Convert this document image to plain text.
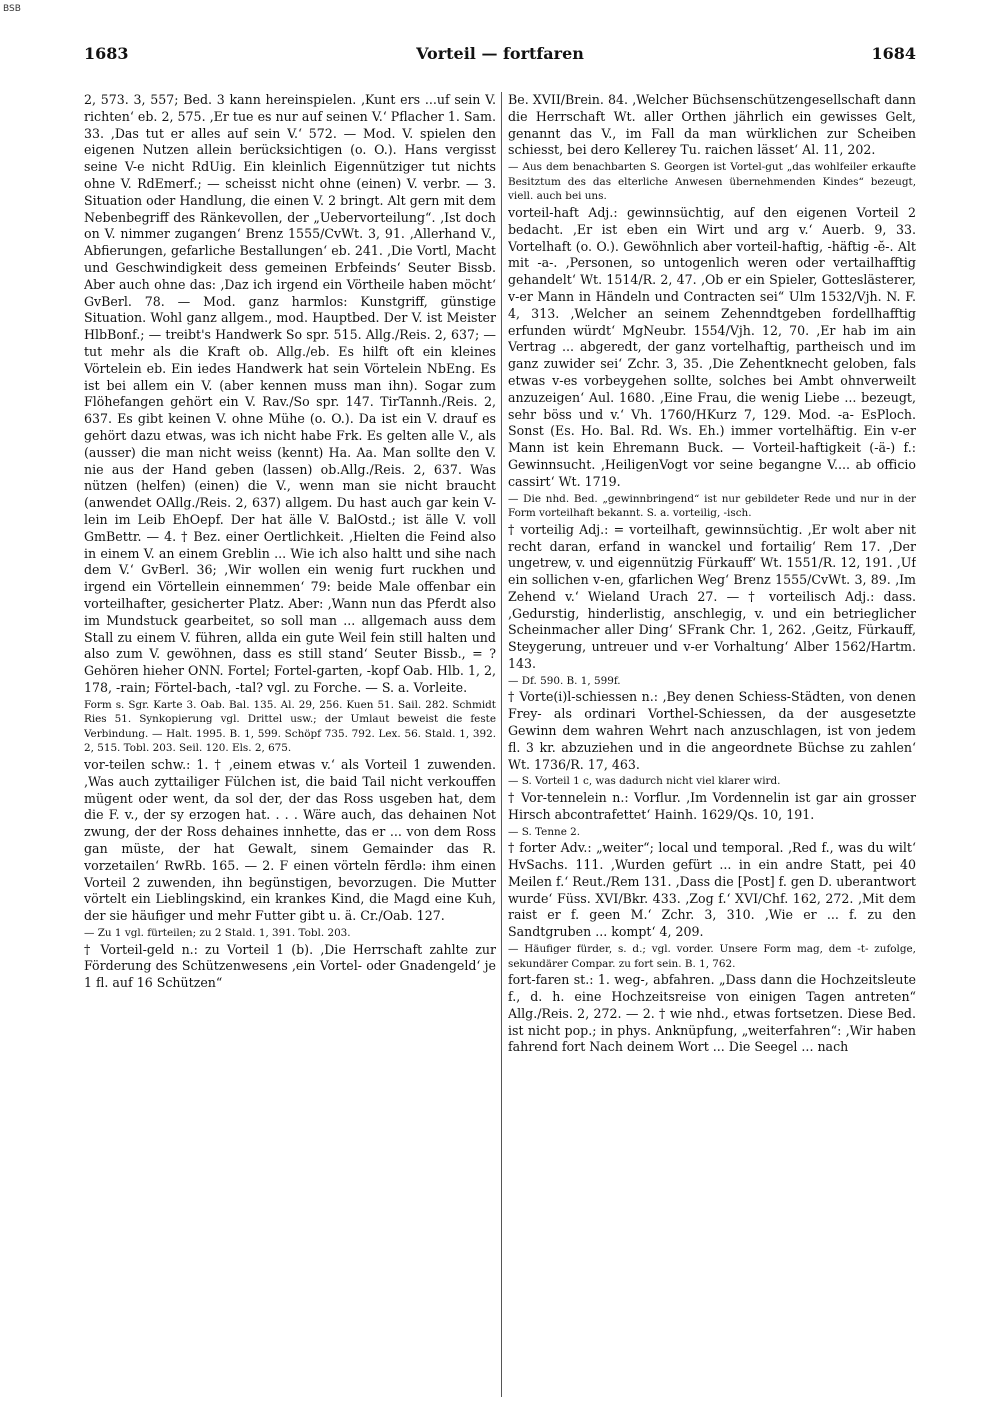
BSB
1683	Vorteil — fortfaren	1684

2, 573. 3, 557; Bed. 3 kann hereinspielen. ‚Kunt ers ...uf sein V. richten‘ eb. 2, 575. ‚Er tue es nur auf seinen V.‘ Pflacher 1. Sam. 33. ‚Das tut er alles auf sein V.‘ 572. — Mod. V. spielen den eigenen Nutzen allein berücksichtigen (o. O.). Hans vergisst seine V-e nicht RdUig. Ein kleinlich Eigennütziger tut nichts ohne V. RdEmerf.; — scheisst nicht ohne (einen) V. verbr. — 3. Situation oder Handlung, die einen V. 2 bringt. Alt gern mit dem Nebenbegriff des Ränkevollen, der „Uebervorteilung“. ‚Ist doch on V. nimmer zugangen‘ Brenz 1555/CvWt. 3, 91. ‚Allerhand V., Abfierungen, gefarliche Bestallungen‘ eb. 241. ‚Die Vortl, Macht und Geschwindigkeit dess gemeinen Erbfeinds‘ Seuter Bissb. Aber auch ohne das: ‚Daz ich irgend ein Vörtheile haben möcht‘ GvBerl. 78. — Mod. ganz harmlos: Kunstgriff, günstige Situation. Wohl ganz allgem., mod. Hauptbed. Der V. ist Meister HlbBonf.; — treibt's Handwerk So spr. 515. Allg./Reis. 2, 637; — tut mehr als die Kraft ob. Allg./eb. Es hilft oft ein kleines Vörtelein eb. Ein iedes Handwerk hat sein Vörtelein NbEng. Es ist bei allem ein V. (aber kennen muss man ihn). Sogar zum Flöhefangen gehört ein V. Rav./So spr. 147. TirTannh./Reis. 2, 637. Es gibt keinen V. ohne Mühe (o. O.). Da ist ein V. drauf es gehört dazu etwas, was ich nicht habe Frk. Es gelten alle V., als (ausser) die man nicht weiss (kennt) Ha. Aa. Man sollte den V. nie aus der Hand geben (lassen) ob.Allg./Reis. 2, 637. Was nützen (helfen) (einen) die V., wenn man sie nicht braucht (anwendet OAllg./Reis. 2, 637) allgem. Du hast auch gar kein V-lein im Leib EhOepf. Der hat älle V. BalOstd.; ist älle V. voll GmBettr. — 4. † Bez. einer Oertlichkeit. ‚Hielten die Feind also in einem V. an einem Greblin ... Wie ich also haltt und sihe nach dem V.‘ GvBerl. 36; ‚Wir wollen ein wenig furt ruckhen und irgend ein Vörtellein einnemmen‘ 79: beide Male offenbar ein vorteilhafter, gesicherter Platz. Aber: ‚Wann nun das Pferdt also im Mundstuck gearbeitet, so soll man ... allgemach auss dem Stall zu einem V. führen, allda ein gute Weil fein still halten und also zum V. gewöhnen, dass es still stand‘ Seuter Bissb., = ? Gehören hieher ONN. Fortel; Fortel-garten, -kopf Oab. Hlb. 1, 2, 178, -rain; Förtel-bach, -tal? vgl. zu Forche. — S. a. Vorleite.

Form s. Sgr. Karte 3. Oab. Bal. 135. Al. 29, 256. Kuen 51. Sail. 282. Schmidt Ries 51. Synkopierung vgl. Drittel usw.; der Umlaut beweist die feste Verbindung. — Halt. 1995. B. 1, 599. Schöpf 735. 792. Lex. 56. Stald. 1, 392. 2, 515. Tobl. 203. Seil. 120. Els. 2, 675.

vor-teilen schw.: 1. † ‚einem etwas v.‘ als Vorteil 1 zuwenden. ‚Was auch zyttailiger Fülchen ist, die baid Tail nicht verkouffen mügent oder went, da sol der, der das Ross usgeben hat, dem die F. v., der sy erzogen hat. . . . Wäre auch, das dehainen Not zwung, der der Ross dehaines innhette, das er ... von dem Ross gan müste, der hat Gewalt, sinem Gemainder das R. vorzetailen‘ RwRb. 165. — 2. F einen vörteln fērdlə: ihm einen Vorteil 2 zuwenden, ihn begünstigen, bevorzugen. Die Mutter vörtelt ein Lieblingskind, ein krankes Kind, die Magd eine Kuh, der sie häufiger und mehr Futter gibt u. ä. Cr./Oab. 127.

— Zu 1 vgl. fürteilen; zu 2 Stald. 1, 391. Tobl. 203.

† Vorteil-geld n.: zu Vorteil 1 (b). ‚Die Herrschaft zahlte zur Förderung des Schützenwesens ‚ein Vortel- oder Gnadengeld‘ je 1 fl. auf 16 Schützen“

Be. XVII/Brein. 84. ‚Welcher Büchsenschützengesellschaft dann die Herrschaft Wt. aller Orthen jährlich ein gewisses Gelt, genannt das V., im Fall da man würklichen zur Scheiben schiesst, bei dero Kellerey Tu. raichen lässet‘ Al. 11, 202.

— Aus dem benachbarten S. Georgen ist Vortel-gut „das wohlfeiler erkaufte Besitztum des das elterliche Anwesen übernehmenden Kindes“ bezeugt, viell. auch bei uns.

vorteil-haft Adj.: gewinnsüchtig, auf den eigenen Vorteil 2 bedacht. ‚Er ist eben ein Wirt und arg v.‘ Auerb. 9, 33. Vortelhaft (o. O.). Gewöhnlich aber vorteil-haftig, -häftig -ĕ-. Alt mit -a-. ‚Personen, so untogenlich weren oder vertailhafftig gehandelt‘ Wt. 1514/R. 2, 47. ‚Ob er ein Spieler, Gotteslästerer, v-er Mann in Händeln und Contracten sei“ Ulm 1532/Vjh. N. F. 4, 313. ‚Welcher an seinem Zehenndtgeben fordellhafftig erfunden würdt‘ MgNeubr. 1554/Vjh. 12, 70. ‚Er hab im ain Vertrag ... abgeredt, der ganz vortelhaftig, partheisch und im ganz zuwider sei‘ Zchr. 3, 35. ‚Die Zehentknecht geloben, fals etwas v-es vorbeygehen sollte, solches bei Ambt ohnverweilt anzuzeigen‘ Aul. 1680. ‚Eine Frau, die wenig Liebe ... bezeugt, sehr böss und v.‘ Vh. 1760/HKurz 7, 129. Mod. -a- EsPloch. Sonst (Es. Ho. Bal. Rd. Ws. Eh.) immer vortelhäftig. Ein v-er Mann ist kein Ehremann Buck. — Vorteil-haftigkeit (-ä-) f.: Gewinnsucht. ‚HeiligenVogt vor seine begangne V.... ab officio cassirt‘ Wt. 1719.

— Die nhd. Bed. „gewinnbringend“ ist nur gebildeter Rede und nur in der Form vorteilhaft bekannt. S. a. vorteilig, -isch.

† vorteilig Adj.: = vorteilhaft, gewinnsüchtig. ‚Er wolt aber nit recht daran, erfand in wanckel und fortailig‘ Rem 17. ‚Der ungetrew, v. und eigennützig Fürkauff‘ Wt. 1551/R. 12, 191. ‚Uf ein sollichen v-en, gfarlichen Weg‘ Brenz 1555/CvWt. 3, 89. ‚Im Zehend v.‘ Wieland Urach 27. — † vorteilisch Adj.: dass. ‚Gedurstig, hinderlistig, anschlegig, v. und ein betrieglicher Scheinmacher aller Ding‘ SFrank Chr. 1, 262. ‚Geitz, Fürkauff, Steygerung, untreuer und v-er Vorhaltung‘ Alber 1562/Hartm. 143.

— Df. 590. B. 1, 599f.

† Vorte(i)l-schiessen n.: ‚Bey denen Schiess-Städten, von denen Frey- als ordinari Vorthel-Schiessen, da der ausgesetzte Gewinn dem wahren Wehrt nach anzuschlagen, ist von jedem fl. 3 kr. abzuziehen und in die angeordnete Büchse zu zahlen‘ Wt. 1736/R. 17, 463.

— S. Vorteil 1 c, was dadurch nicht viel klarer wird.

† Vor-tennelein n.: Vorflur. ‚Im Vordennelin ist gar ain grosser Hirsch abcontrafettet‘ Hainh. 1629/Qs. 10, 191.

— S. Tenne 2.

† forter Adv.: „weiter“; local und temporal. ‚Red f., was du wilt‘ HvSachs. 111. ‚Wurden gefürt ... in ein andre Statt, pei 40 Meilen f.‘ Reut./Rem 131. ‚Dass die [Post] f. gen D. uberantwort wurde‘ Füss. XVI/Bkr. 433. ‚Zog f.‘ XVI/Chf. 162, 272. ‚Mit dem raist er f. geen M.‘ Zchr. 3, 310. ‚Wie er ... f. zu den Sandtgruben ... kompt‘ 4, 209.

— Häufiger fürder, s. d.; vgl. vorder. Unsere Form mag, dem -t- zufolge, sekundärer Compar. zu fort sein. B. 1, 762.

fort-faren st.: 1. weg-, abfahren. „Dass dann die Hochzeitsleute f., d. h. eine Hochzeitsreise von einigen Tagen antreten“ Allg./Reis. 2, 272. — 2. † wie nhd., etwas fortsetzen. Diese Bed. ist nicht pop.; in phys. Anknüpfung, „weiterfahren“: ‚Wir haben fahrend fort Nach deinem Wort ... Die Seegel ... nach
